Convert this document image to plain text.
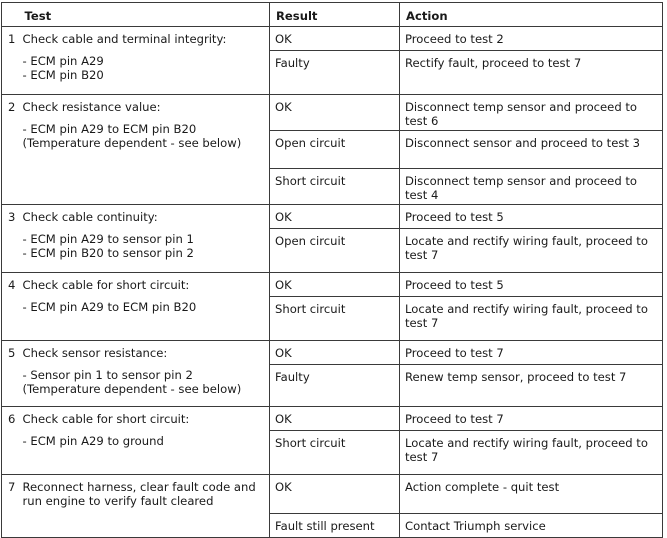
	Test	Result	Action
1	Check cable and terminal integrity:
- ECM pin A29
- ECM pin B20	OK	Proceed to test 2

		Faulty	Rectify fault, proceed to test 7

2	Check resistance value:
- ECM pin A29 to ECM pin B20
(Temperature dependent - see below)	OK	Disconnect temp sensor and proceed to test 6

		Open circuit	Disconnect sensor and proceed to test 3

		Short circuit	Disconnect temp sensor and proceed to test 4

3	Check cable continuity:
- ECM pin A29 to sensor pin 1
- ECM pin B20 to sensor pin 2	OK	Proceed to test 5

		Open circuit	Locate and rectify wiring fault, proceed to test 7

4	Check cable for short circuit:
- ECM pin A29 to ECM pin B20	OK	Proceed to test 5

		Short circuit	Locate and rectify wiring fault, proceed to test 7

5	Check sensor resistance:
- Sensor pin 1 to sensor pin 2
(Temperature dependent - see below)	OK	Proceed to test 7

		Faulty	Renew temp sensor, proceed to test 7

6	Check cable for short circuit:
- ECM pin A29 to ground	OK	Proceed to test 7

		Short circuit	Locate and rectify wiring fault, proceed to test 7

7	Reconnect harness, clear fault code and run engine to verify fault cleared	OK	Action complete - quit test

		Fault still present	Contact Triumph service
